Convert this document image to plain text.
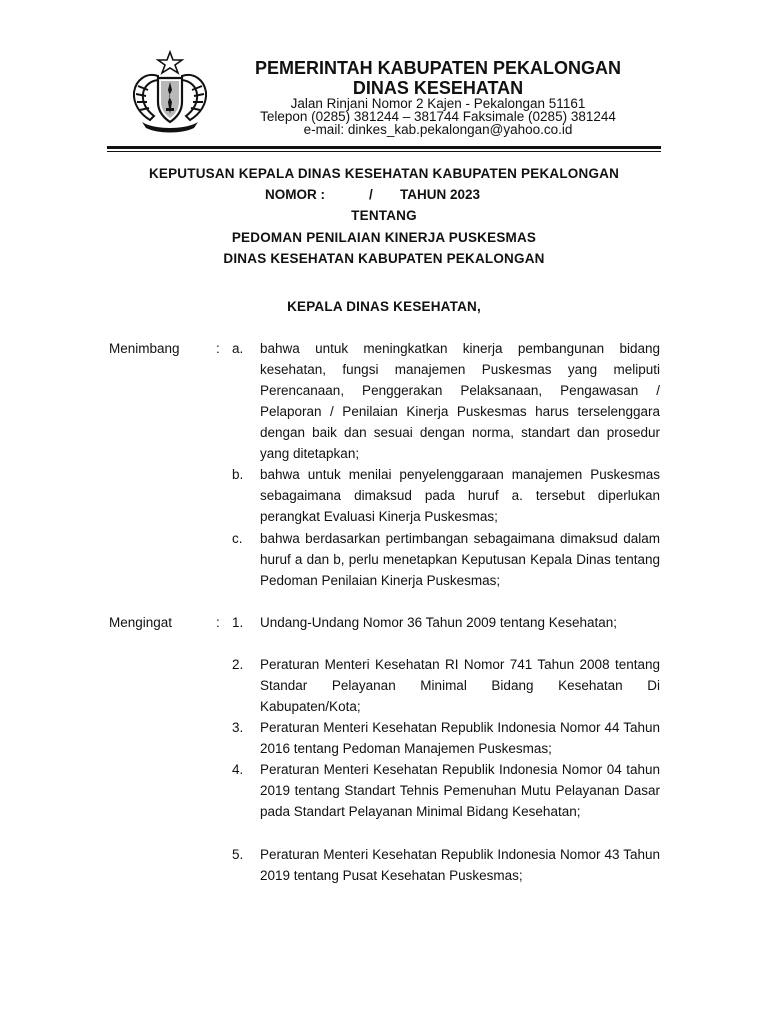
PEMERINTAH KABUPATEN PEKALONGAN
DINAS KESEHATAN
Jalan Rinjani Nomor 2 Kajen - Pekalongan 51161
Telepon (0285) 381244 – 381744 Faksimale (0285) 381244
e-mail: dinkes_kab.pekalongan@yahoo.co.id
KEPUTUSAN KEPALA DINAS KESEHATAN KABUPATEN PEKALONGAN
NOMOR :	/ TAHUN 2023
TENTANG
PEDOMAN PENILAIAN KINERJA PUSKESMAS
DINAS KESEHATAN KABUPATEN PEKALONGAN
KEPALA DINAS KESEHATAN,
Menimbang	: a. bahwa untuk meningkatkan kinerja pembangunan bidang kesehatan, fungsi manajemen Puskesmas yang meliputi Perencanaan, Penggerakan Pelaksanaan, Pengawasan / Pelaporan / Penilaian Kinerja Puskesmas harus terselenggara dengan baik dan sesuai dengan norma, standart dan prosedur yang ditetapkan;

b. bahwa untuk menilai penyelenggaraan manajemen Puskesmas sebagaimana dimaksud pada huruf a. tersebut diperlukan perangkat Evaluasi Kinerja Puskesmas;

c. bahwa berdasarkan pertimbangan sebagaimana dimaksud dalam huruf a dan b, perlu menetapkan Keputusan Kepala Dinas tentang Pedoman Penilaian Kinerja Puskesmas;

Mengingat	: 1. Undang-Undang Nomor 36 Tahun 2009 tentang Kesehatan;

2. Peraturan Menteri Kesehatan RI Nomor 741 Tahun 2008 tentang Standar Pelayanan Minimal Bidang Kesehatan Di Kabupaten/Kota;

3. Peraturan Menteri Kesehatan Republik Indonesia Nomor 44 Tahun 2016 tentang Pedoman Manajemen Puskesmas;

4. Peraturan Menteri Kesehatan Republik Indonesia Nomor 04 tahun 2019 tentang Standart Tehnis Pemenuhan Mutu Pelayanan Dasar pada Standart Pelayanan Minimal Bidang Kesehatan;

5. Peraturan Menteri Kesehatan Republik Indonesia Nomor 43 Tahun 2019 tentang Pusat Kesehatan Puskesmas;
